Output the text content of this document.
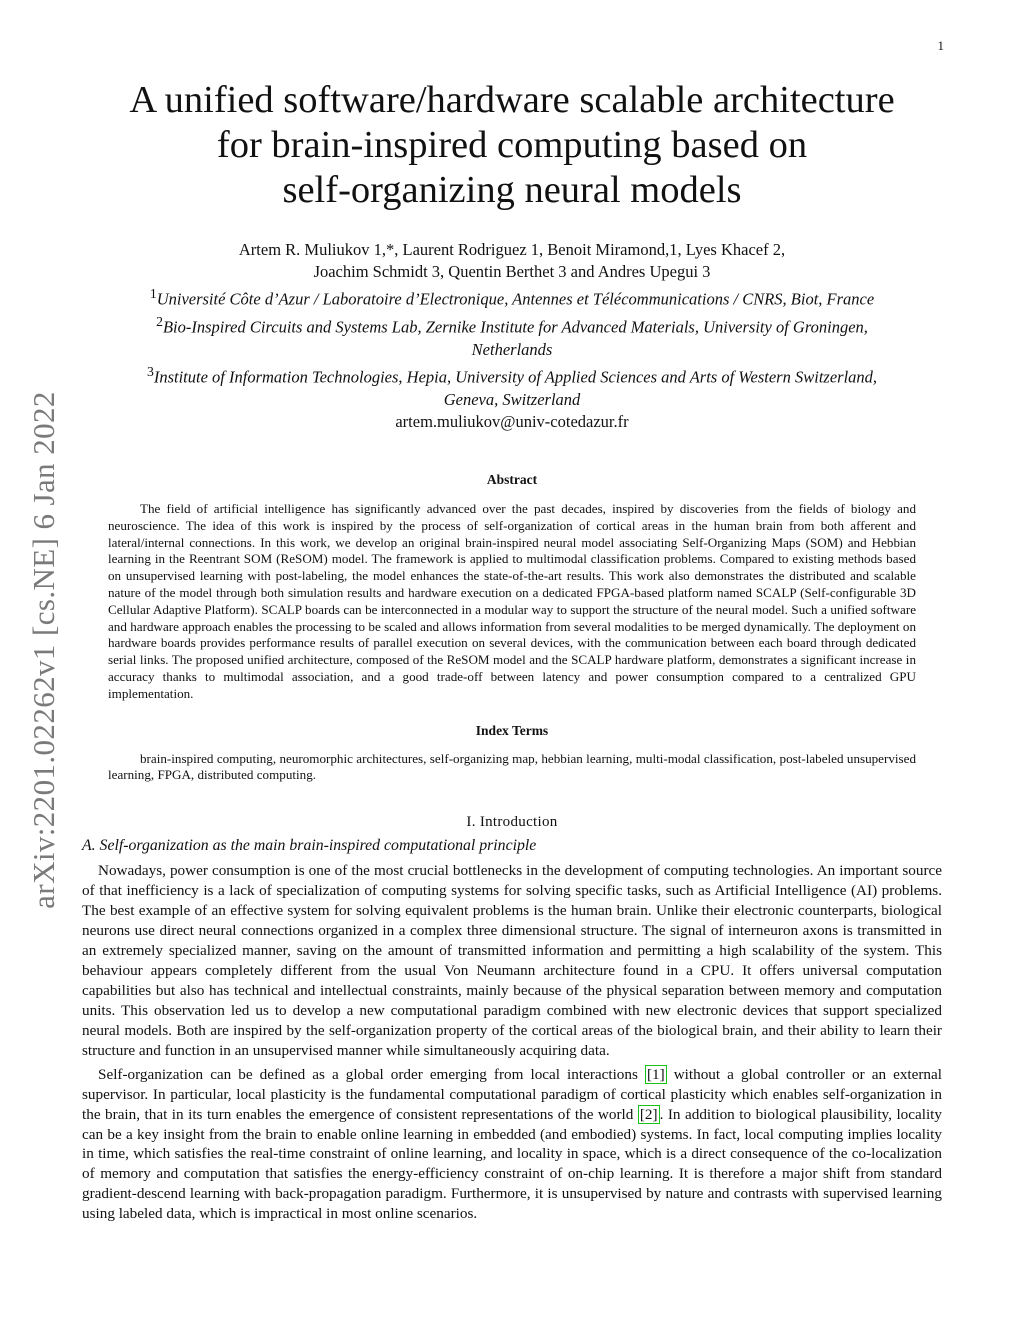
1
arXiv:2201.02262v1 [cs.NE] 6 Jan 2022
A unified software/hardware scalable architecture
for brain-inspired computing based on
self-organizing neural models
Artem R. Muliukov 1,*, Laurent Rodriguez 1, Benoit Miramond,1, Lyes Khacef 2,
Joachim Schmidt 3, Quentin Berthet 3 and Andres Upegui 3
$^1$Université Côte d’Azur / Laboratoire d’Electronique, Antennes et Télécommunications / CNRS, Biot, France
$^2$Bio-Inspired Circuits and Systems Lab, Zernike Institute for Advanced Materials, University of Groningen,
Netherlands
$^3$Institute of Information Technologies, Hepia, University of Applied Sciences and Arts of Western Switzerland,
Geneva, Switzerland
artem.muliukov@univ-cotedazur.fr
Abstract
The field of artificial intelligence has significantly advanced over the past decades, inspired by discoveries from the fields of biology and neuroscience. The idea of this work is inspired by the process of self-organization of cortical areas in the human brain from both afferent and lateral/internal connections. In this work, we develop an original brain-inspired neural model associating Self-Organizing Maps (SOM) and Hebbian learning in the Reentrant SOM (ReSOM) model. The framework is applied to multimodal classification problems. Compared to existing methods based on unsupervised learning with post-labeling, the model enhances the state-of-the-art results. This work also demonstrates the distributed and scalable nature of the model through both simulation results and hardware execution on a dedicated FPGA-based platform named SCALP (Self-configurable 3D Cellular Adaptive Platform). SCALP boards can be interconnected in a modular way to support the structure of the neural model. Such a unified software and hardware approach enables the processing to be scaled and allows information from several modalities to be merged dynamically. The deployment on hardware boards provides performance results of parallel execution on several devices, with the communication between each board through dedicated serial links. The proposed unified architecture, composed of the ReSOM model and the SCALP hardware platform, demonstrates a significant increase in accuracy thanks to multimodal association, and a good trade-off between latency and power consumption compared to a centralized GPU implementation.
Index Terms
brain-inspired computing, neuromorphic architectures, self-organizing map, hebbian learning, multi-modal classification, post-labeled unsupervised learning, FPGA, distributed computing.
I. Introduction
A. Self-organization as the main brain-inspired computational principle
Nowadays, power consumption is one of the most crucial bottlenecks in the development of computing technologies. An important source of that inefficiency is a lack of specialization of computing systems for solving specific tasks, such as Artificial Intelligence (AI) problems. The best example of an effective system for solving equivalent problems is the human brain. Unlike their electronic counterparts, biological neurons use direct neural connections organized in a complex three dimensional structure. The signal of interneuron axons is transmitted in an extremely specialized manner, saving on the amount of transmitted information and permitting a high scalability of the system. This behaviour appears completely different from the usual Von Neumann architecture found in a CPU. It offers universal computation capabilities but also has technical and intellectual constraints, mainly because of the physical separation between memory and computation units. This observation led us to develop a new computational paradigm combined with new electronic devices that support specialized neural models. Both are inspired by the self-organization property of the cortical areas of the biological brain, and their ability to learn their structure and function in an unsupervised manner while simultaneously acquiring data.
Self-organization can be defined as a global order emerging from local interactions [1] without a global controller or an external supervisor. In particular, local plasticity is the fundamental computational paradigm of cortical plasticity which enables self-organization in the brain, that in its turn enables the emergence of consistent representations of the world [2] . In addition to biological plausibility, locality can be a key insight from the brain to enable online learning in embedded (and embodied) systems. In fact, local computing implies locality in time, which satisfies the real-time constraint of online learning, and locality in space, which is a direct consequence of the co-localization of memory and computation that satisfies the energy-efficiency constraint of on-chip learning. It is therefore a major shift from standard gradient-descend learning with back-propagation paradigm. Furthermore, it is unsupervised by nature and contrasts with supervised learning using labeled data, which is impractical in most online scenarios.
